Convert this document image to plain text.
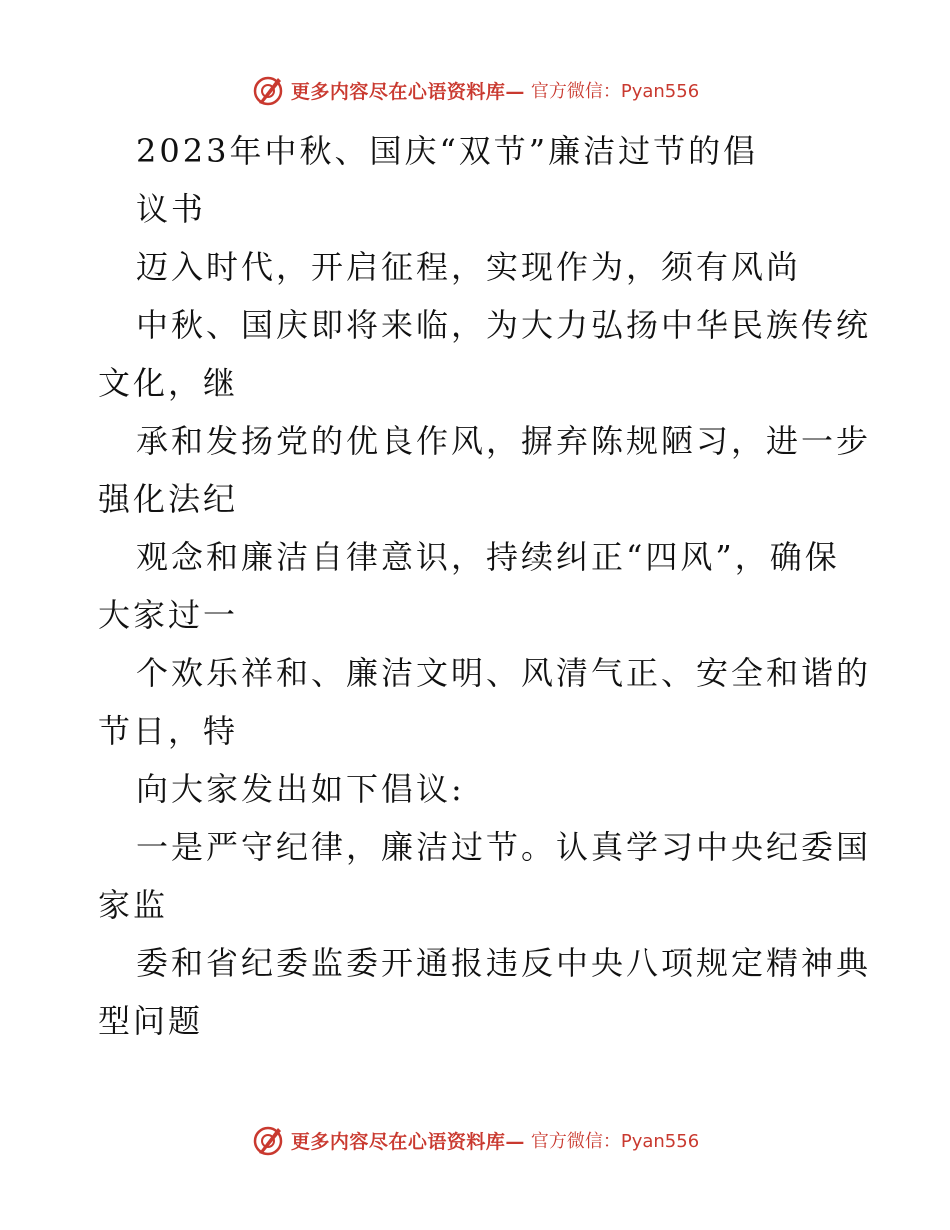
更多内容尽在心语资料库— 官方微信：Pyan556
2023年中秋、国庆“双节”廉洁过节的倡
议书
迈入时代，开启征程，实现作为，须有风尚
中秋、国庆即将来临，为大力弘扬中华民族传统
文化，继
承和发扬党的优良作风，摒弃陈规陋习，进一步
强化法纪
观念和廉洁自律意识，持续纠正“四风”，确保
大家过一
个欢乐祥和、廉洁文明、风清气正、安全和谐的
节日，特
向大家发出如下倡议:
一是严守纪律，廉洁过节。认真学习中央纪委国
家监
委和省纪委监委开通报违反中央八项规定精神典
型问题
更多内容尽在心语资料库— 官方微信：Pyan556
